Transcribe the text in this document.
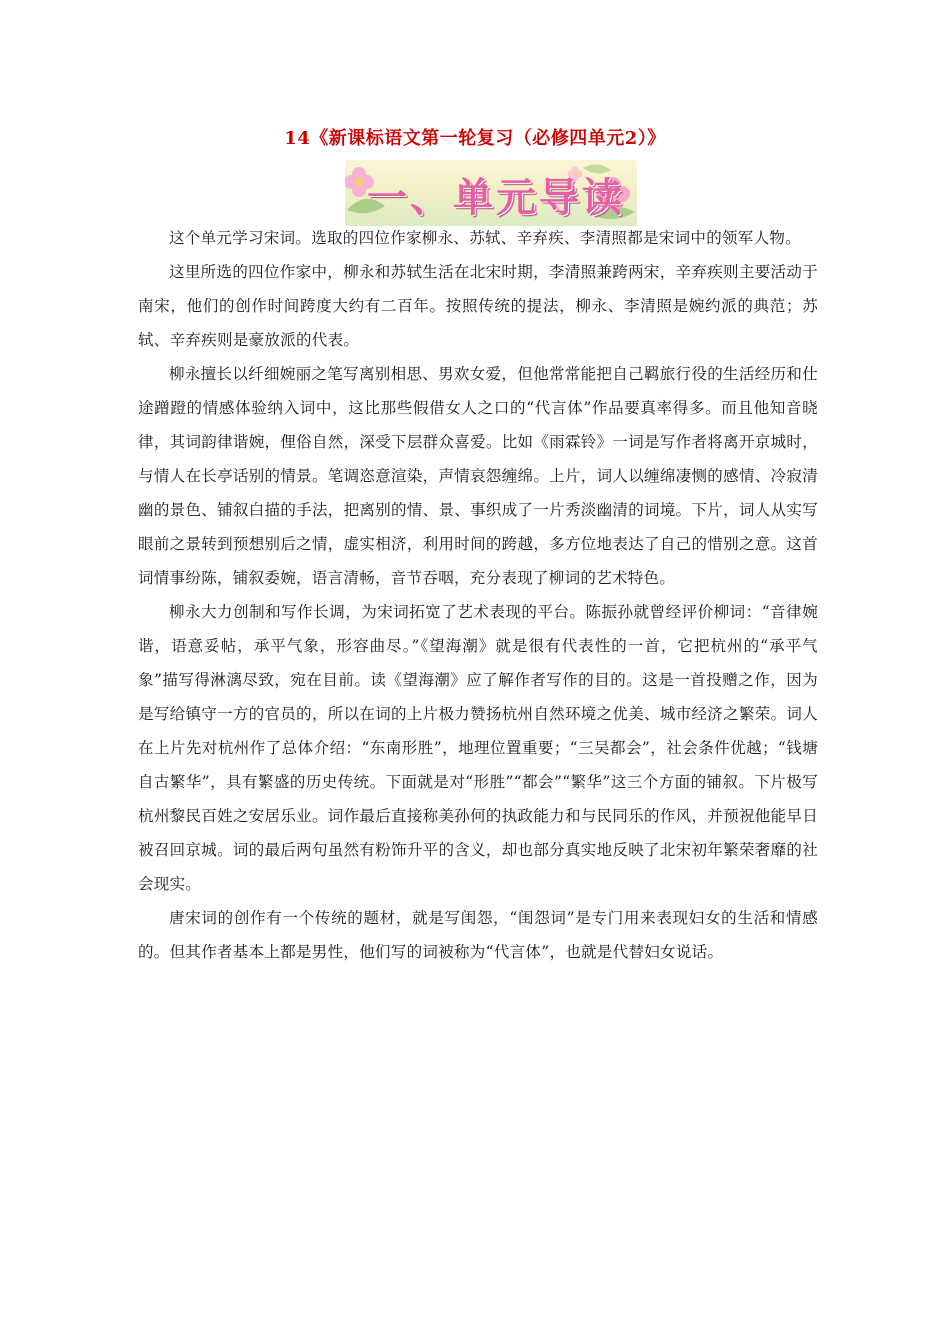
14《新课标语文第一轮复习（必修四单元2）》
一、单元导读

这个单元学习宋词。选取的四位作家柳永、苏轼、辛弃疾、李清照都是宋词中的领军人物。

这里所选的四位作家中，柳永和苏轼生活在北宋时期，李清照兼跨两宋，辛弃疾则主要活动于南宋，他们的创作时间跨度大约有二百年。按照传统的提法，柳永、李清照是婉约派的典范；苏轼、辛弃疾则是豪放派的代表。

柳永擅长以纤细婉丽之笔写离别相思、男欢女爱，但他常常能把自己羁旅行役的生活经历和仕途蹭蹬的情感体验纳入词中，这比那些假借女人之口的“代言体”作品要真率得多。而且他知音晓律，其词韵律谐婉，俚俗自然，深受下层群众喜爱。比如《雨霖铃》一词是写作者将离开京城时，与情人在长亭话别的情景。笔调恣意渲染，声情哀怨缠绵。上片，词人以缠绵凄恻的感情、冷寂清幽的景色、铺叙白描的手法，把离别的情、景、事织成了一片秀淡幽清的词境。下片，词人从实写眼前之景转到预想别后之情，虚实相济，利用时间的跨越，多方位地表达了自己的惜别之意。这首词情事纷陈，铺叙委婉，语言清畅，音节吞咽，充分表现了柳词的艺术特色。

柳永大力创制和写作长调，为宋词拓宽了艺术表现的平台。陈振孙就曾经评价柳词：“音律婉谐，语意妥帖，承平气象，形容曲尽。”《望海潮》就是很有代表性的一首，它把杭州的“承平气象”描写得淋漓尽致，宛在目前。读《望海潮》应了解作者写作的目的。这是一首投赠之作，因为是写给镇守一方的官员的，所以在词的上片极力赞扬杭州自然环境之优美、城市经济之繁荣。词人在上片先对杭州作了总体介绍：“东南形胜”，地理位置重要；“三吴都会”，社会条件优越；“钱塘自古繁华”，具有繁盛的历史传统。下面就是对“形胜”“都会”“繁华”这三个方面的铺叙。下片极写杭州黎民百姓之安居乐业。词作最后直接称美孙何的执政能力和与民同乐的作风，并预祝他能早日被召回京城。词的最后两句虽然有粉饰升平的含义，却也部分真实地反映了北宋初年繁荣奢靡的社会现实。

唐宋词的创作有一个传统的题材，就是写闺怨，“闺怨词”是专门用来表现妇女的生活和情感的。但其作者基本上都是男性，他们写的词被称为“代言体”，也就是代替妇女说话。
